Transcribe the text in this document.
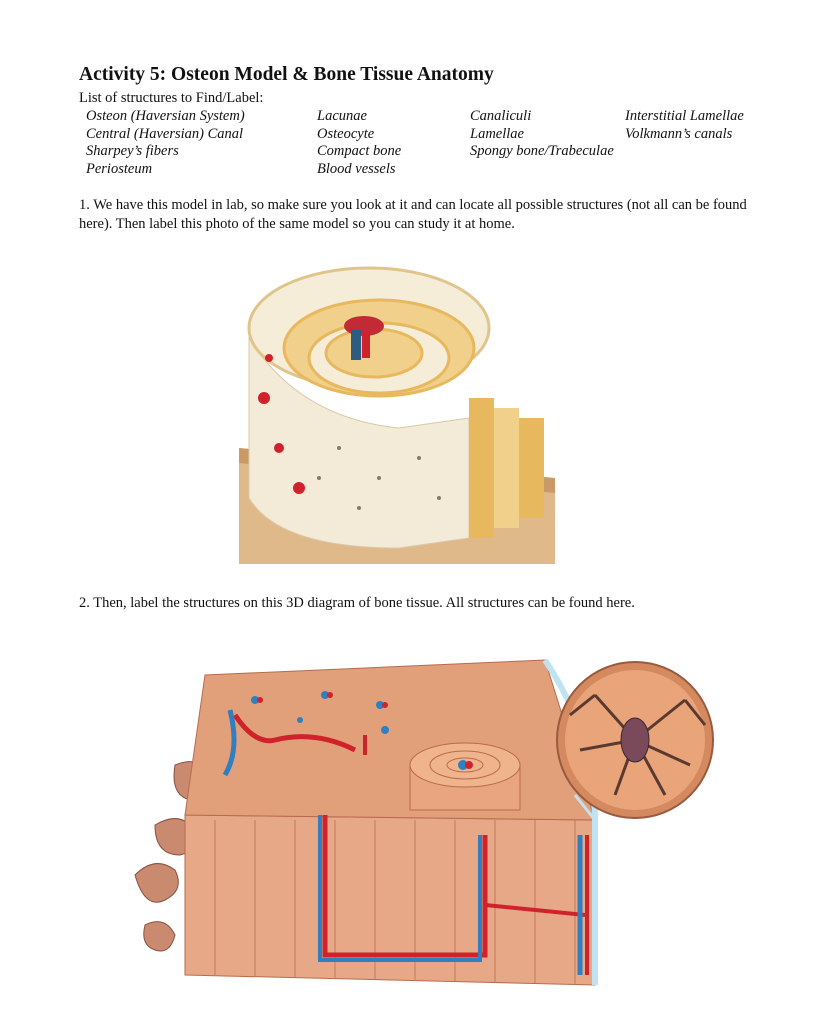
Activity 5: Osteon Model & Bone Tissue Anatomy
List of structures to Find/Label:
Osteon (Haversian System)
Central (Haversian) Canal
Sharpey’s fibers
Periosteum
Lacunae
Osteocyte
Compact bone
Blood vessels
Canaliculi
Lamellae
Spongy bone/Trabeculae
Interstitial Lamellae
Volkmann’s canals
1. We have this model in lab, so make sure you look at it and can locate all possible structures (not all can be found here). Then label this photo of the same model so you can study it at home.
2. Then, label the structures on this 3D diagram of bone tissue. All structures can be found here.
